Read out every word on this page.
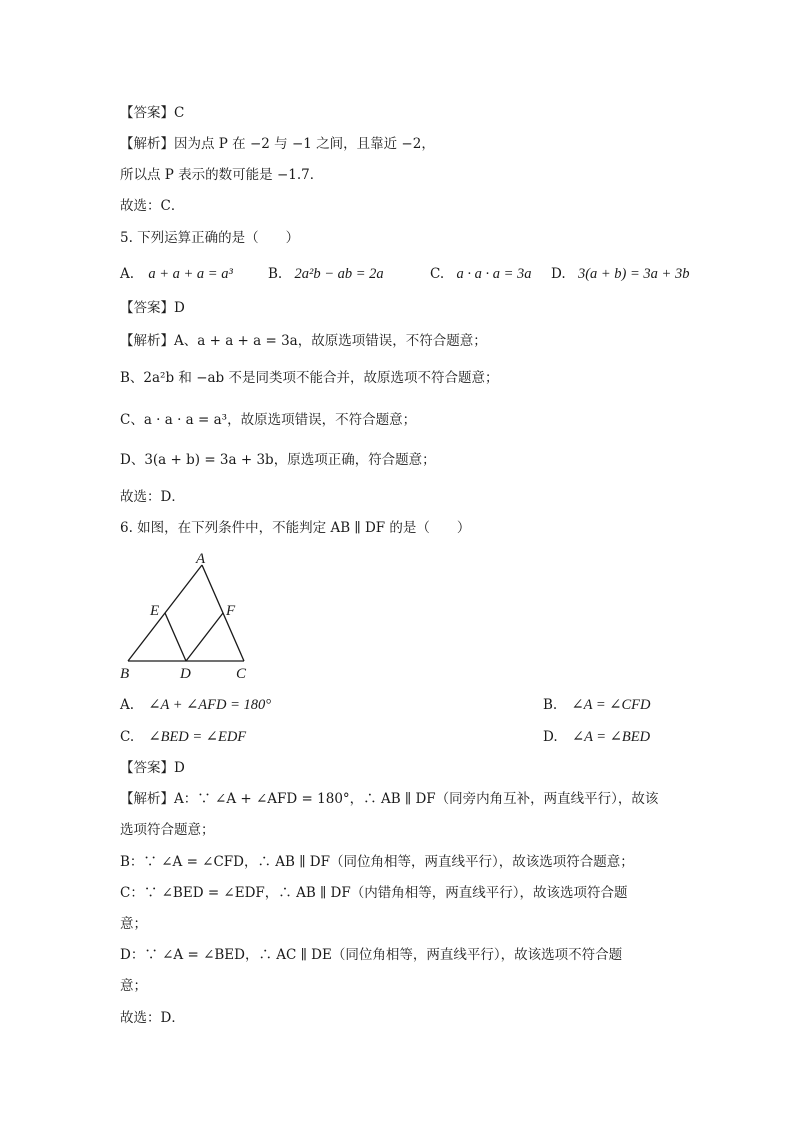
【答案】C
【解析】因为点 P 在 −2 与 −1 之间，且靠近 −2，
所以点 P 表示的数可能是 −1.7．
故选：C．
5. 下列运算正确的是（　　）
A. a + a + a = a³	B. 2a²b − ab = 2a	C. a · a · a = 3a D. 3(a + b) = 3a + 3b
【答案】D
【解析】A、a + a + a = 3a，故原选项错误，不符合题意；
B、2a²b 和 −ab 不是同类项不能合并，故原选项不符合题意；
C、a · a · a = a³，故原选项错误，不符合题意；
D、3(a + b) = 3a + 3b，原选项正确，符合题意；
故选：D．
6. 如图，在下列条件中，不能判定 AB ∥ DF 的是（　　）
A
E	F
B	D	C
A. ∠A + ∠AFD = 180°	B. ∠A = ∠CFD
C. ∠BED = ∠EDF	D. ∠A = ∠BED
【答案】D
【解析】A：∵ ∠A + ∠AFD = 180°，∴ AB ∥ DF（同旁内角互补，两直线平行），故该
选项符合题意；
B：∵ ∠A = ∠CFD，∴ AB ∥ DF（同位角相等，两直线平行），故该选项符合题意；
C：∵ ∠BED = ∠EDF，∴ AB ∥ DF（内错角相等，两直线平行），故该选项符合题
意；
D：∵ ∠A = ∠BED，∴ AC ∥ DE（同位角相等，两直线平行），故该选项不符合题
意；
故选：D．
